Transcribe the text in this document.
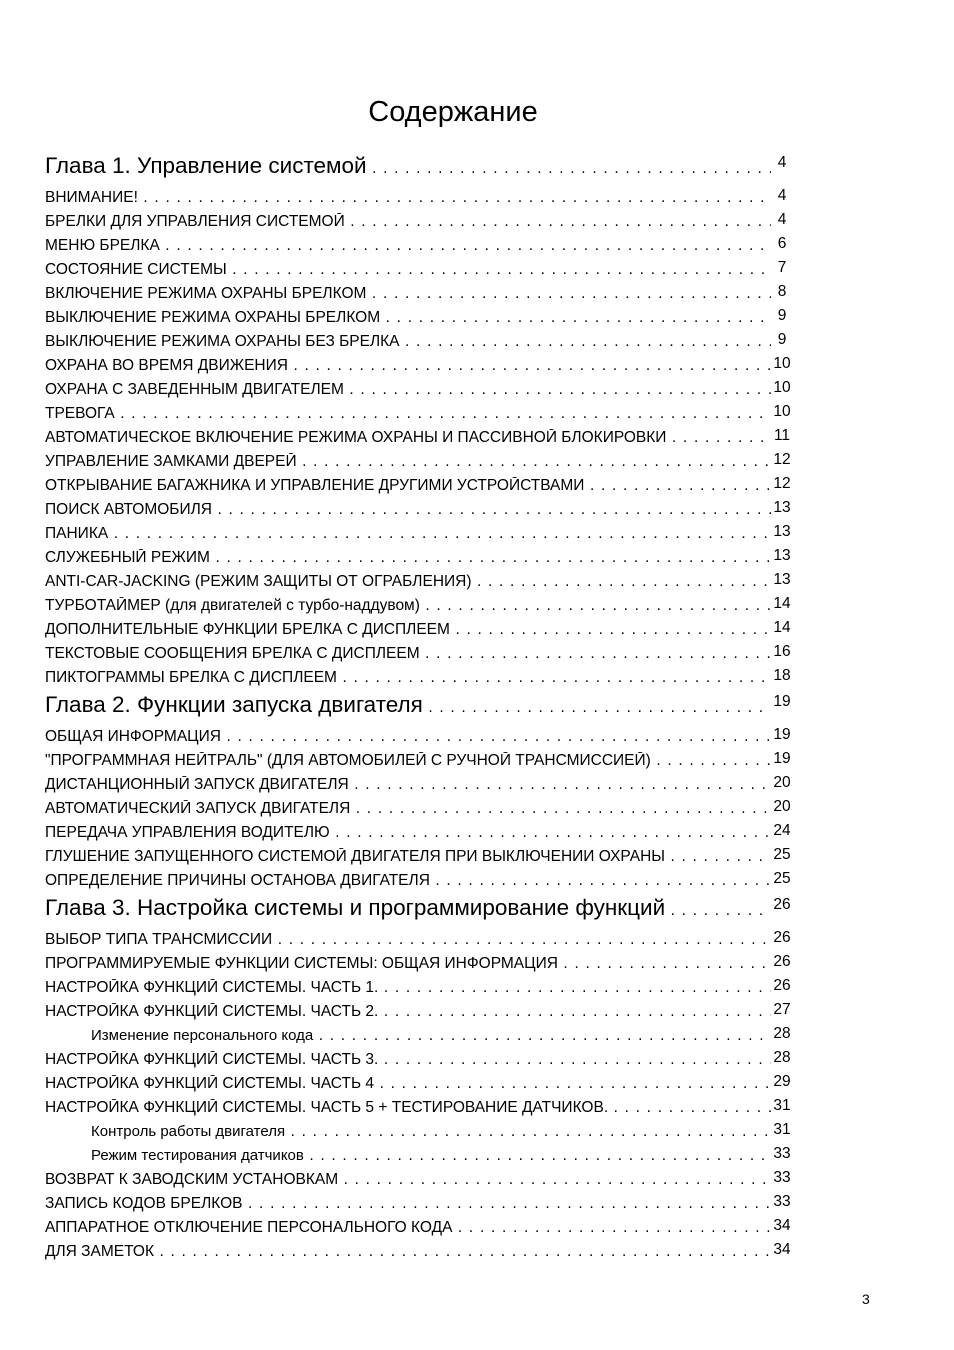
Содержание
Глава 1. Управление системой . . .	4
ВНИМАНИЕ! . . .	4
БРЕЛКИ ДЛЯ УПРАВЛЕНИЯ СИСТЕМОЙ . . .	4
МЕНЮ БРЕЛКА . . .	6
СОСТОЯНИЕ СИСТЕМЫ . . .	7
ВКЛЮЧЕНИЕ РЕЖИМА ОХРАНЫ БРЕЛКОМ . . .	8
ВЫКЛЮЧЕНИЕ РЕЖИМА ОХРАНЫ БРЕЛКОМ . . .	9
ВЫКЛЮЧЕНИЕ РЕЖИМА ОХРАНЫ БЕЗ БРЕЛКА . . .	9
ОХРАНА ВО ВРЕМЯ ДВИЖЕНИЯ . . .	10
ОХРАНА С ЗАВЕДЕННЫМ ДВИГАТЕЛЕМ . . .	10
ТРЕВОГА . . .	10
АВТОМАТИЧЕСКОЕ ВКЛЮЧЕНИЕ РЕЖИМА ОХРАНЫ И ПАССИВНОЙ БЛОКИРОВКИ . . .	11
УПРАВЛЕНИЕ ЗАМКАМИ ДВЕРЕЙ . . .	12
ОТКРЫВАНИЕ БАГАЖНИКА И УПРАВЛЕНИЕ ДРУГИМИ УСТРОЙСТВАМИ . . .	12
ПОИСК АВТОМОБИЛЯ . . .	13
ПАНИКА . . .	13
СЛУЖЕБНЫЙ РЕЖИМ . . .	13
ANTI-CAR-JACKING (РЕЖИМ ЗАЩИТЫ ОТ ОГРАБЛЕНИЯ) . . .	13
ТУРБОТАЙМЕР (для двигателей с турбо-наддувом) . . .	14
ДОПОЛНИТЕЛЬНЫЕ ФУНКЦИИ БРЕЛКА С ДИСПЛЕЕМ . . .	14
ТЕКСТОВЫЕ СООБЩЕНИЯ БРЕЛКА С ДИСПЛЕЕМ . . .	16
ПИКТОГРАММЫ БРЕЛКА С ДИСПЛЕЕМ . . .	18
Глава 2. Функции запуска двигателя . . .	19
ОБЩАЯ ИНФОРМАЦИЯ . . .	19
"ПРОГРАММНАЯ НЕЙТРАЛЬ" (ДЛЯ АВТОМОБИЛЕЙ С РУЧНОЙ ТРАНСМИССИЕЙ) . . .	19
ДИСТАНЦИОННЫЙ ЗАПУСК ДВИГАТЕЛЯ . . .	20
АВТОМАТИЧЕСКИЙ ЗАПУСК ДВИГАТЕЛЯ . . .	20
ПЕРЕДАЧА УПРАВЛЕНИЯ ВОДИТЕЛЮ . . .	24
ГЛУШЕНИЕ ЗАПУЩЕННОГО СИСТЕМОЙ ДВИГАТЕЛЯ ПРИ ВЫКЛЮЧЕНИИ ОХРАНЫ . . .	25
ОПРЕДЕЛЕНИЕ ПРИЧИНЫ ОСТАНОВА ДВИГАТЕЛЯ . . .	25
Глава 3. Настройка системы и программирование функций . . .	26
ВЫБОР ТИПА ТРАНСМИССИИ . . .	26
ПРОГРАММИРУЕМЫЕ ФУНКЦИИ СИСТЕМЫ: ОБЩАЯ ИНФОРМАЦИЯ . . .	26
НАСТРОЙКА ФУНКЦИЙ СИСТЕМЫ. ЧАСТЬ 1. . . .	26
НАСТРОЙКА ФУНКЦИЙ СИСТЕМЫ. ЧАСТЬ 2. . . .	27
Изменение персонального кода . . .	28
НАСТРОЙКА ФУНКЦИЙ СИСТЕМЫ. ЧАСТЬ 3. . . .	28
НАСТРОЙКА ФУНКЦИЙ СИСТЕМЫ. ЧАСТЬ 4 . . .	29
НАСТРОЙКА ФУНКЦИЙ СИСТЕМЫ. ЧАСТЬ 5 + ТЕСТИРОВАНИЕ ДАТЧИКОВ. . . .	31
Контроль работы двигателя . . .	31
Режим тестирования датчиков . . .	33
ВОЗВРАТ К ЗАВОДСКИМ УСТАНОВКАМ . . .	33
ЗАПИСЬ КОДОВ БРЕЛКОВ . . .	33
АППАРАТНОЕ ОТКЛЮЧЕНИЕ ПЕРСОНАЛЬНОГО КОДА . . .	34
ДЛЯ ЗАМЕТОК . . .	34
3
